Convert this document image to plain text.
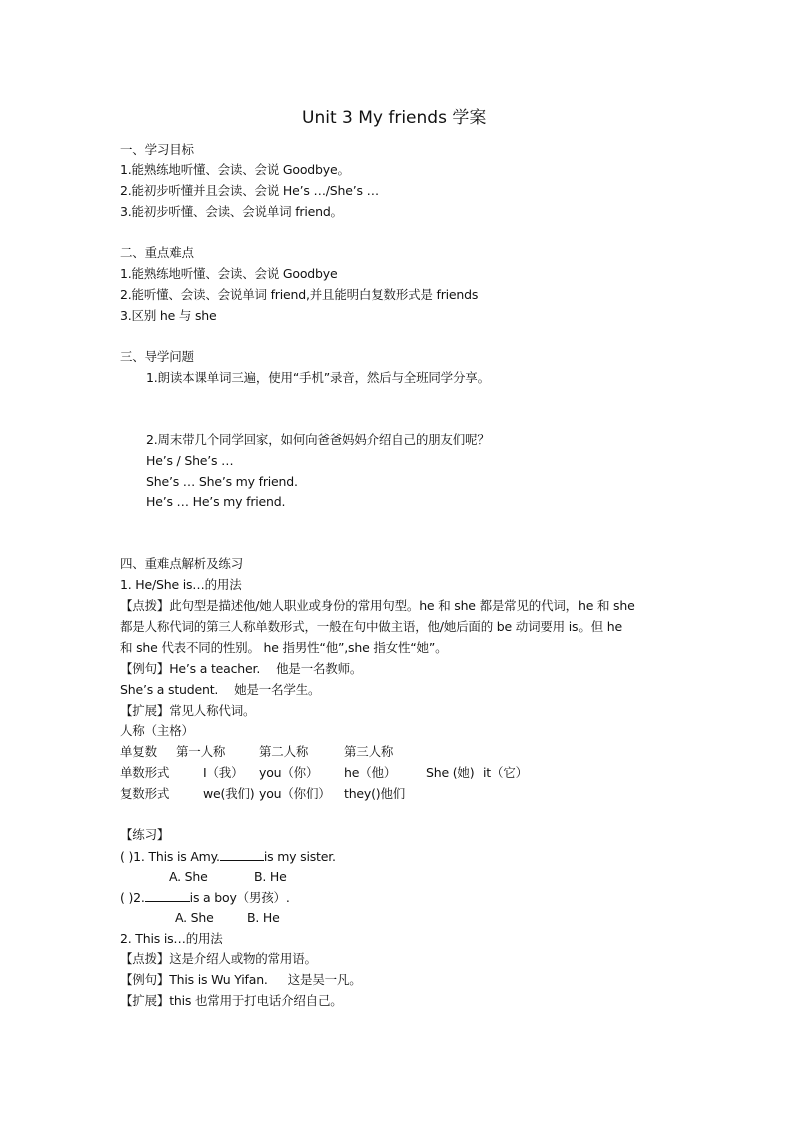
Unit 3 My friends 学案
一、学习目标
1.能熟练地听懂、会读、会说 Goodbye。
2.能初步听懂并且会读、会说 He’s …/She’s …
3.能初步听懂、会读、会说单词 friend。
二、重点难点
1.能熟练地听懂、会读、会说 Goodbye
2.能听懂、会读、会说单词 friend,并且能明白复数形式是 friends
3.区别 he 与 she
三、导学问题
1.朗读本课单词三遍，使用“手机”录音，然后与全班同学分享。
2.周末带几个同学回家，如何向爸爸妈妈介绍自己的朋友们呢？
He’s / She’s …
She’s … She’s my friend.
He’s … He’s my friend.
四、重难点解析及练习
1. He/She is…的用法
【点拨】此句型是描述他/她人职业或身份的常用句型。he 和 she 都是常见的代词，he 和 she
都是人称代词的第三人称单数形式，一般在句中做主语，他/她后面的 be 动词要用 is。但 he
和 she 代表不同的性别。 he 指男性“他”,she 指女性“她”。
【例句】He’s a teacher. 他是一名教师。
She’s a student. 她是一名学生。
【扩展】常见人称代词。
人称（主格）
单复数 第一人称	第二人称	第三人称
单数形式	I（我） you（你） he（他） She (她) it（它）
复数形式	we(我们) you（你们） they()他们
【练习】
( )1. This is Amy.	is my sister.
A. She	B. He
( )2.	is a boy（男孩）.
A. She	B. He
2. This is…的用法
【点拨】这是介绍人或物的常用语。
【例句】This is Wu Yifan. 这是吴一凡。
【扩展】this 也常用于打电话介绍自己。
